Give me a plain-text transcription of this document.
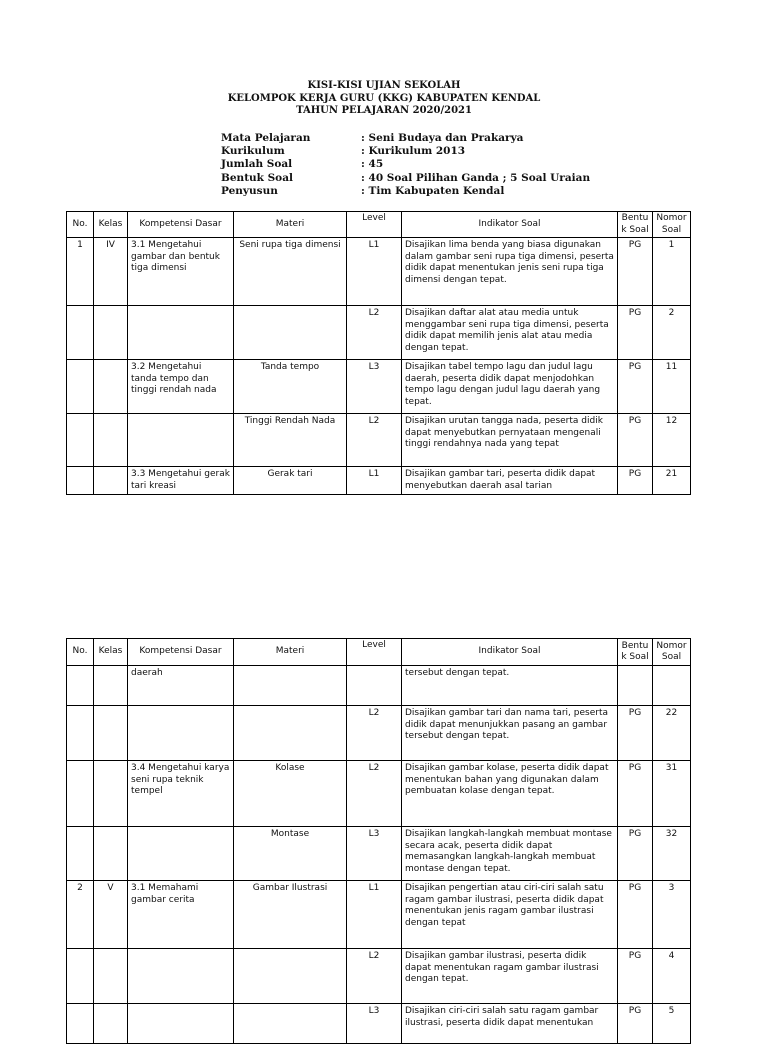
KISI-KISI UJIAN SEKOLAH
KELOMPOK KERJA GURU (KKG) KABUPATEN KENDAL
TAHUN PELAJARAN 2020/2021
Mata Pelajaran	: Seni Budaya dan Prakarya
Kurikulum	: Kurikulum 2013
Jumlah Soal	: 45
Bentuk Soal	: 40 Soal Pilihan Ganda ; 5 Soal Uraian
Penyusun	: Tim Kabupaten Kendal
No.	Kelas	Kompetensi Dasar	Materi	Level	Indikator Soal	Bentu k Soal	Nomor Soal
1	IV	3.1 Mengetahui gambar dan bentuk tiga dimensi	Seni rupa tiga dimensi	L1	Disajikan lima benda yang biasa digunakan dalam gambar seni rupa tiga dimensi, peserta didik dapat menentukan jenis seni rupa tiga dimensi dengan tepat.	PG	1
				L2	Disajikan daftar alat atau media untuk menggambar seni rupa tiga dimensi, peserta didik dapat memilih jenis alat atau media dengan tepat.	PG	2
		3.2 Mengetahui tanda tempo dan tinggi rendah nada	Tanda tempo	L3	Disajikan tabel tempo lagu dan judul lagu daerah, peserta didik dapat menjodohkan tempo lagu dengan judul lagu daerah yang tepat.	PG	11
			Tinggi Rendah Nada	L2	Disajikan urutan tangga nada, peserta didik dapat menyebutkan pernyataan mengenali tinggi rendahnya nada yang tepat	PG	12
		3.3 Mengetahui gerak tari kreasi	Gerak tari	L1	Disajikan gambar tari, peserta didik dapat menyebutkan daerah asal tarian	PG	21
No.	Kelas	Kompetensi Dasar	Materi	Level	Indikator Soal	Bentu k Soal	Nomor Soal
		daerah			tersebut dengan tepat.		
				L2	Disajikan gambar tari dan nama tari, peserta didik dapat menunjukkan pasang an gambar tersebut dengan tepat.	PG	22
		3.4 Mengetahui karya seni rupa teknik tempel	Kolase	L2	Disajikan gambar kolase, peserta didik dapat menentukan bahan yang digunakan dalam pembuatan kolase dengan tepat.	PG	31
			Montase	L3	Disajikan langkah-langkah membuat montase secara acak, peserta didik dapat memasangkan langkah-langkah membuat montase dengan tepat.	PG	32
2	V	3.1 Memahami gambar cerita	Gambar Ilustrasi	L1	Disajikan pengertian atau ciri-ciri salah satu ragam gambar ilustrasi, peserta didik dapat menentukan jenis ragam gambar ilustrasi dengan tepat	PG	3
				L2	Disajikan gambar ilustrasi, peserta didik dapat menentukan ragam gambar ilustrasi dengan tepat.	PG	4
				L3	Disajikan ciri-ciri salah satu ragam gambar ilustrasi, peserta didik dapat menentukan	PG	5
